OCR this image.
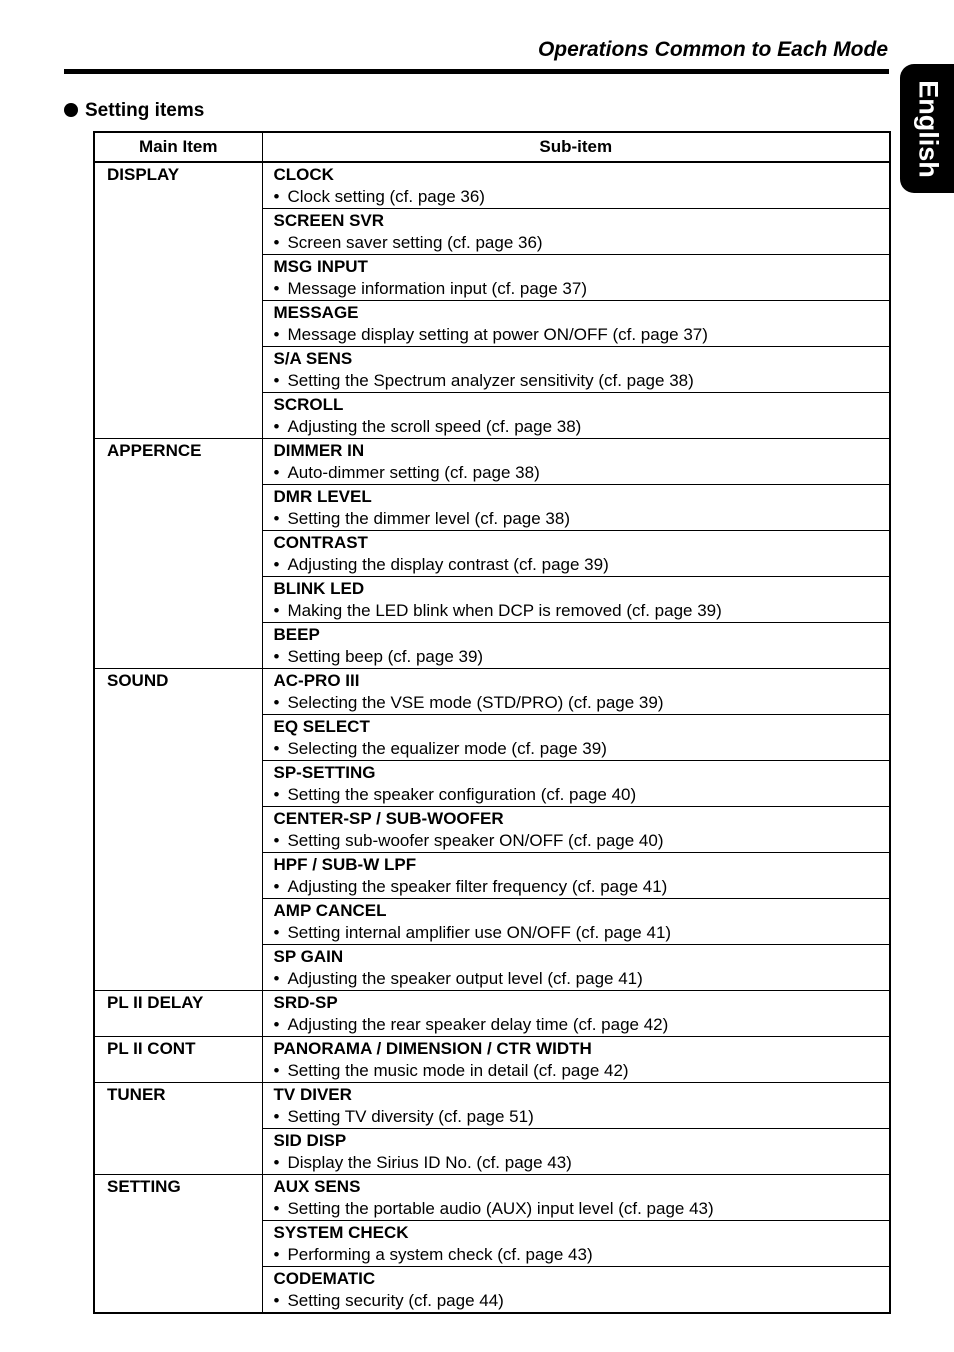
Operations Common to Each Mode
English
Setting items
Main Item	Sub-item
DISPLAY	CLOCK
• Clock setting (cf. page 36)

	SCREEN SVR
• Screen saver setting (cf. page 36)

	MSG INPUT
• Message information input (cf. page 37)

	MESSAGE
• Message display setting at power ON/OFF (cf. page 37)

	S/A SENS
• Setting the Spectrum analyzer sensitivity (cf. page 38)

	SCROLL
• Adjusting the scroll speed (cf. page 38)

APPERNCE	DIMMER IN
• Auto-dimmer setting (cf. page 38)

	DMR LEVEL
• Setting the dimmer level (cf. page 38)

	CONTRAST
• Adjusting the display contrast (cf. page 39)

	BLINK LED
• Making the LED blink when DCP is removed (cf. page 39)

	BEEP
• Setting beep (cf. page 39)

SOUND	AC-PRO III
• Selecting the VSE mode (STD/PRO) (cf. page 39)

	EQ SELECT
• Selecting the equalizer mode (cf. page 39)

	SP-SETTING
• Setting the speaker configuration (cf. page 40)

	CENTER-SP / SUB-WOOFER
• Setting sub-woofer speaker ON/OFF (cf. page 40)

	HPF / SUB-W LPF
• Adjusting the speaker filter frequency (cf. page 41)

	AMP CANCEL
• Setting internal amplifier use ON/OFF (cf. page 41)

	SP GAIN
• Adjusting the speaker output level (cf. page 41)

PL II DELAY	SRD-SP
• Adjusting the rear speaker delay time (cf. page 42)

PL II CONT	PANORAMA / DIMENSION / CTR WIDTH
• Setting the music mode in detail (cf. page 42)

TUNER	TV DIVER
• Setting TV diversity (cf. page 51)

	SID DISP
• Display the Sirius ID No. (cf. page 43)

SETTING	AUX SENS
• Setting the portable audio (AUX) input level (cf. page 43)

	SYSTEM CHECK
• Performing a system check (cf. page 43)

	CODEMATIC
• Setting security (cf. page 44)
